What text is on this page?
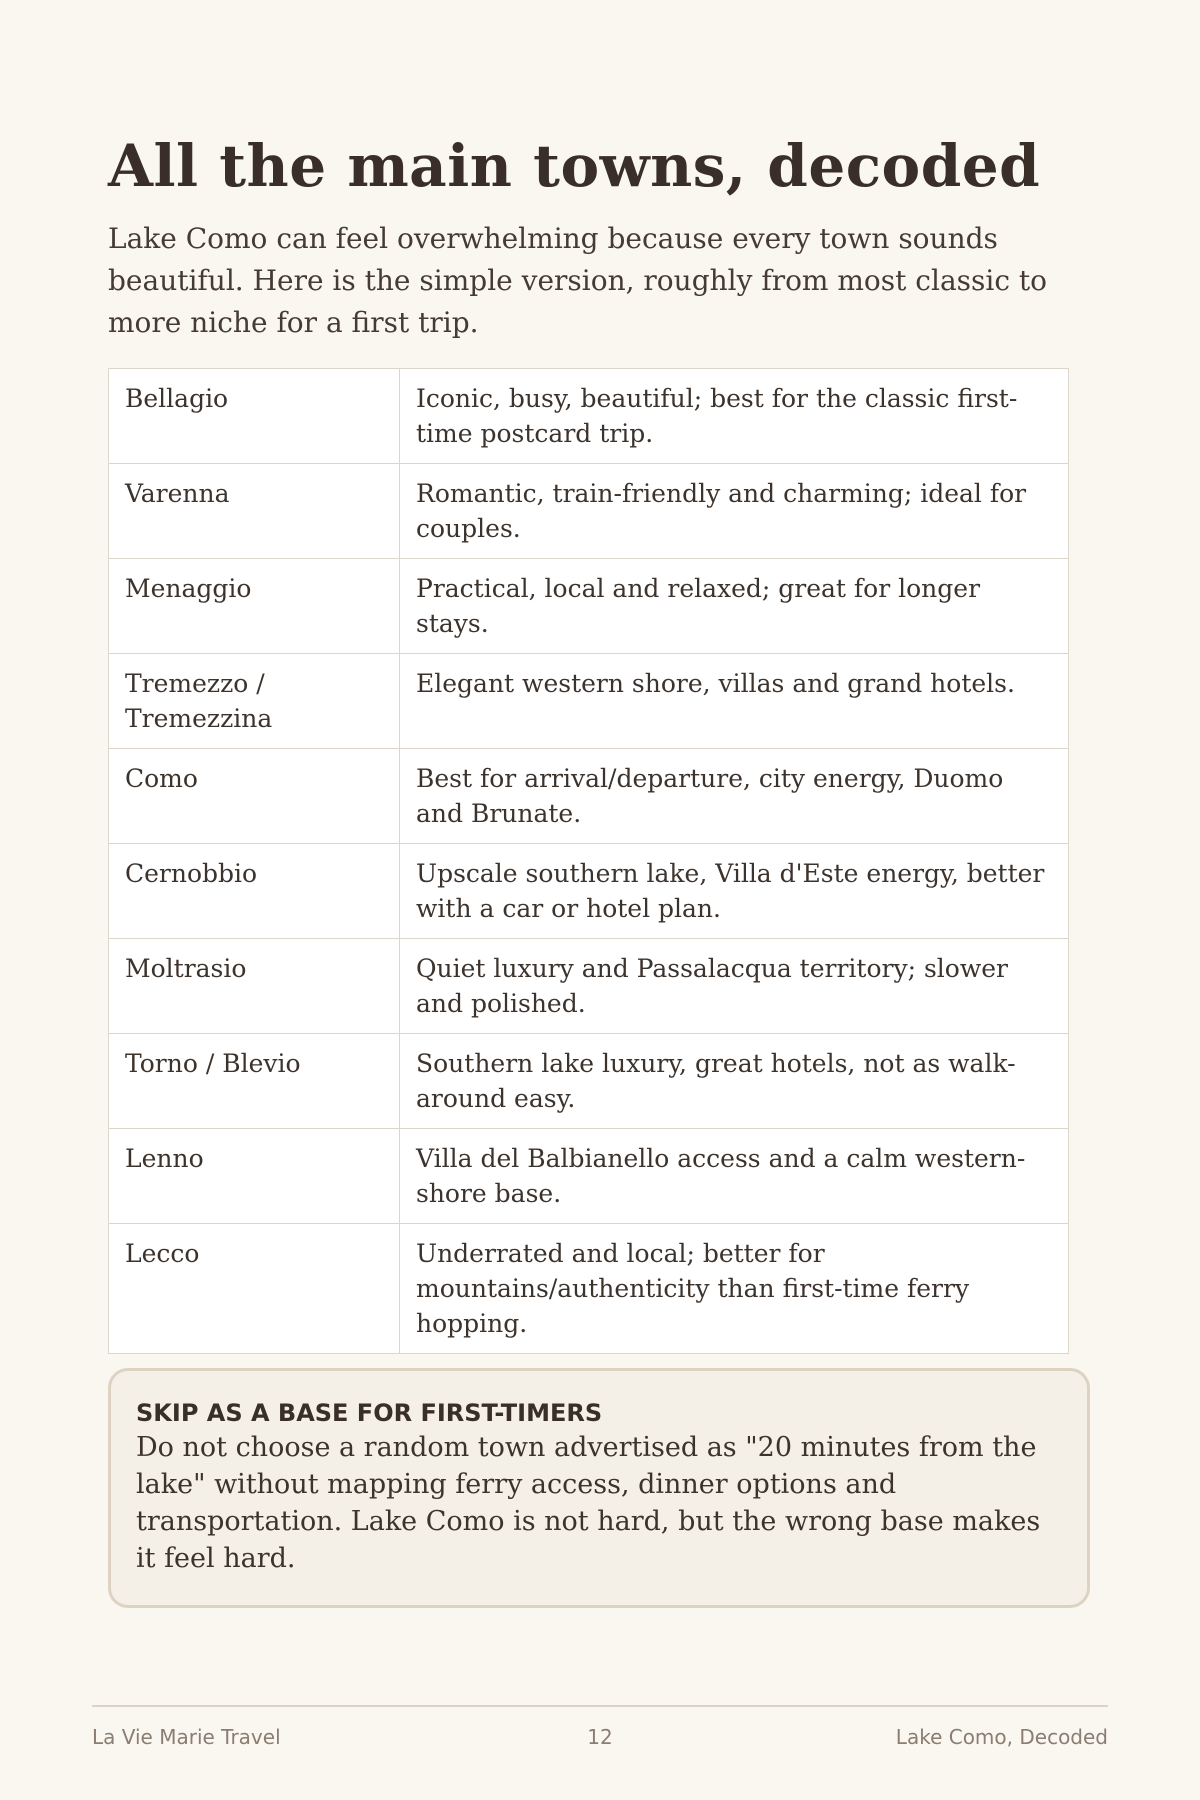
All the main towns, decoded

Lake Como can feel overwhelming because every town sounds beautiful. Here is the simple version, roughly from most classic to more niche for a first trip.

Bellagio	Iconic, busy, beautiful; best for the classic first-time postcard trip.
Varenna	Romantic, train-friendly and charming; ideal for couples.
Menaggio	Practical, local and relaxed; great for longer stays.
Tremezzo / Tremezzina	Elegant western shore, villas and grand hotels.
Como	Best for arrival/departure, city energy, Duomo and Brunate.
Cernobbio	Upscale southern lake, Villa d'Este energy, better with a car or hotel plan.
Moltrasio	Quiet luxury and Passalacqua territory; slower and polished.
Torno / Blevio	Southern lake luxury, great hotels, not as walk-around easy.
Lenno	Villa del Balbianello access and a calm western-shore base.
Lecco	Underrated and local; better for mountains/authenticity than first-time ferry hopping.
SKIP AS A BASE FOR FIRST-TIMERS
Do not choose a random town advertised as "20 minutes from the lake" without mapping ferry access, dinner options and transportation. Lake Como is not hard, but the wrong base makes it feel hard.
La Vie Marie Travel	12	Lake Como, Decoded
